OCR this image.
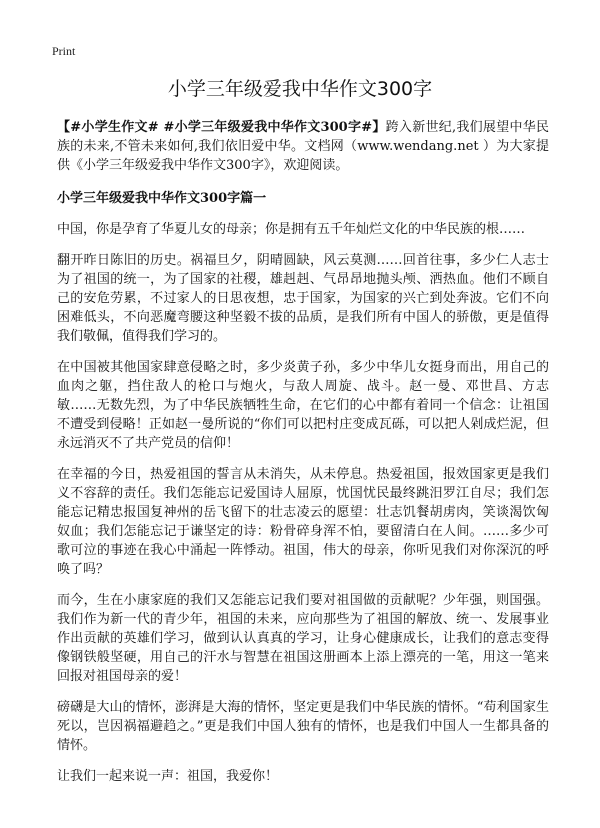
Print
小学三年级爱我中华作文300字

【#小学生作文# #小学三年级爱我中华作文300字#】跨入新世纪,我们展望中华民族的未来,不管未来如何,我们依旧爱中华。文档网（www.wendang.net ）为大家提供《小学三年级爱我中华作文300字》，欢迎阅读。

小学三年级爱我中华作文300字篇一

中国，你是孕育了华夏儿女的母亲；你是拥有五千年灿烂文化的中华民族的根……

翻开昨日陈旧的历史。祸福旦夕，阴晴圆缺，风云莫测……回首往事，多少仁人志士为了祖国的统一，为了国家的社稷，雄赳赳、气昂昂地抛头颅、洒热血。他们不顾自己的安危劳累，不过家人的日思夜想，忠于国家，为国家的兴亡到处奔波。它们不向困难低头，不向恶魔弯腰这种坚毅不拔的品质，是我们所有中国人的骄傲，更是值得我们敬佩，值得我们学习的。

在中国被其他国家肆意侵略之时，多少炎黄子孙，多少中华儿女挺身而出，用自己的血肉之躯，挡住敌人的枪口与炮火，与敌人周旋、战斗。赵一曼、邓世昌、方志敏……无数先烈，为了中华民族牺牲生命，在它们的心中都有着同一个信念：让祖国不遭受到侵略！正如赵一曼所说的“你们可以把村庄变成瓦砾，可以把人剁成烂泥，但永远消灭不了共产党员的信仰！

在幸福的今日，热爱祖国的誓言从未消失，从未停息。热爱祖国，报效国家更是我们义不容辞的责任。我们怎能忘记爱国诗人屈原，忧国忧民最终跳汨罗江自尽；我们怎能忘记精忠报国复神州的岳飞留下的壮志凌云的愿望：壮志饥餐胡虏肉，笑谈渴饮匈奴血；我们怎能忘记于谦坚定的诗：粉骨碎身浑不怕，要留清白在人间。……多少可歌可泣的事迹在我心中涌起一阵悸动。祖国，伟大的母亲，你听见我们对你深沉的呼唤了吗？

而今，生在小康家庭的我们又怎能忘记我们要对祖国做的贡献呢？少年强，则国强。我们作为新一代的青少年，祖国的未来，应向那些为了祖国的解放、统一、发展事业作出贡献的英雄们学习，做到认认真真的学习，让身心健康成长，让我们的意志变得像钢铁般坚硬，用自己的汗水与智慧在祖国这册画本上添上漂亮的一笔，用这一笔来回报对祖国母亲的爱！

磅礴是大山的情怀，澎湃是大海的情怀，坚定更是我们中华民族的情怀。“苟利国家生死以，岂因祸福避趋之。”更是我们中国人独有的情怀，也是我们中国人一生都具备的情怀。

让我们一起来说一声：祖国，我爱你！
